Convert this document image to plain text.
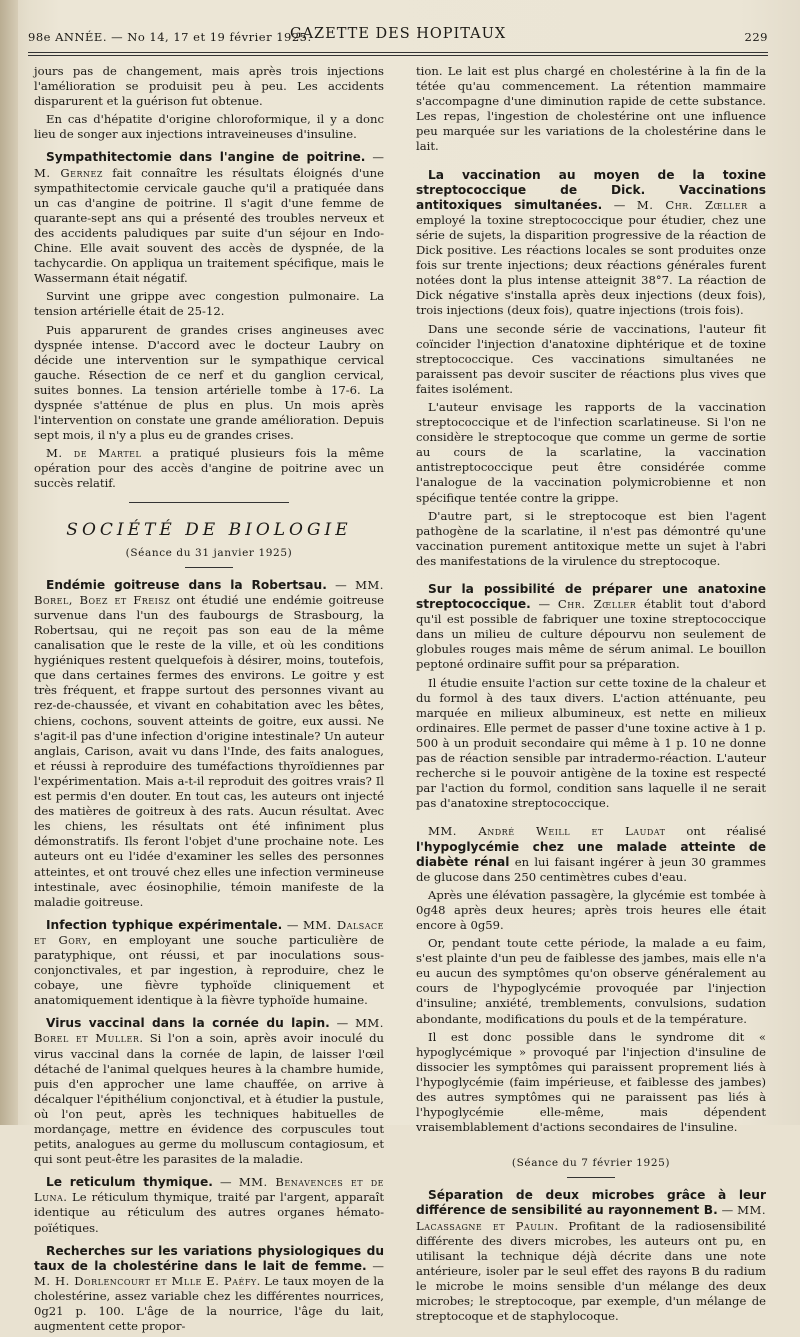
98e ANNÉE. — No 14, 17 et 19 février 1925.
GAZETTE DES HOPITAUX	229

jours pas de changement, mais après trois injections l'amélioration se produisit peu à peu. Les accidents disparurent et la guérison fut obtenue.

En cas d'hépatite d'origine chloroformique, il y a donc lieu de songer aux injections intraveineuses d'insuline.

Sympathitectomie dans l'angine de poitrine. — M. Gernez fait connaître les résultats éloignés d'une sympathitectomie cervicale gauche qu'il a pratiquée dans un cas d'angine de poitrine. Il s'agit d'une femme de quarante-sept ans qui a présenté des troubles nerveux et des accidents paludiques par suite d'un séjour en Indo-Chine. Elle avait souvent des accès de dyspnée, de la tachycardie. On appliqua un traitement spécifique, mais le Wassermann était négatif.

Survint une grippe avec congestion pulmonaire. La tension artérielle était de 25-12.

Puis apparurent de grandes crises angineuses avec dyspnée intense. D'accord avec le docteur Laubry on décide une intervention sur le sympathique cervical gauche. Résection de ce nerf et du ganglion cervical, suites bonnes. La tension artérielle tombe à 17-6. La dyspnée s'atténue de plus en plus. Un mois après l'intervention on constate une grande amélioration. Depuis sept mois, il n'y a plus eu de grandes crises.

M. de Martel a pratiqué plusieurs fois la même opération pour des accès d'angine de poitrine avec un succès relatif.

SOCIÉTÉ DE BIOLOGIE
(Séance du 31 janvier 1925)

Endémie goitreuse dans la Robertsau. — MM. Borel, Boez et Freisz ont étudié une endémie goitreuse survenue dans l'un des faubourgs de Strasbourg, la Robertsau, qui ne reçoit pas son eau de la même canalisation que le reste de la ville, et où les conditions hygiéniques restent quelquefois à désirer, moins, toutefois, que dans certaines fermes des environs. Le goitre y est très fréquent, et frappe surtout des personnes vivant au rez-de-chaussée, et vivant en cohabitation avec les bêtes, chiens, cochons, souvent atteints de goitre, eux aussi. Ne s'agit-il pas d'une infection d'origine intestinale? Un auteur anglais, Carison, avait vu dans l'Inde, des faits analogues, et réussi à reproduire des tuméfactions thyroïdiennes par l'expérimentation. Mais a-t-il reproduit des goitres vrais? Il est permis d'en douter. En tout cas, les auteurs ont injecté des matières de goitreux à des rats. Aucun résultat. Avec les chiens, les résultats ont été infiniment plus démonstratifs. Ils feront l'objet d'une prochaine note. Les auteurs ont eu l'idée d'examiner les selles des personnes atteintes, et ont trouvé chez elles une infection vermineuse intestinale, avec éosinophilie, témoin manifeste de la maladie goitreuse.

Infection typhique expérimentale. — MM. Dalsace et Gory, en employant une souche particulière de paratyphique, ont réussi, et par inoculations sous-conjonctivales, et par ingestion, à reproduire, chez le cobaye, une fièvre typhoïde cliniquement et anatomiquement identique à la fièvre typhoïde humaine.

Virus vaccinal dans la cornée du lapin. — MM. Borel et Muller. Si l'on a soin, après avoir inoculé du virus vaccinal dans la cornée de lapin, de laisser l'œil détaché de l'animal quelques heures à la chambre humide, puis d'en approcher une lame chauffée, on arrive à décalquer l'épithélium conjonctival, et à étudier la pustule, où l'on peut, après les techniques habituelles de mordançage, mettre en évidence des corpuscules tout petits, analogues au germe du molluscum contagiosum, et qui sont peut-être les parasites de la maladie.

Le reticulum thymique. — MM. Benavences et de Luna. Le réticulum thymique, traité par l'argent, apparaît identique au réticulum des autres organes hémato-poïétiques.

Recherches sur les variations physiologiques du taux de la cholestérine dans le lait de femme. — M. H. Dorlencourt et Mlle E. Paéfy. Le taux moyen de la cholestérine, assez variable chez les différentes nourrices, 0g21 p. 100. L'âge de la nourrice, l'âge du lait, augmentent cette propor-

tion. Le lait est plus chargé en cholestérine à la fin de la tétée qu'au commencement. La rétention mammaire s'accompagne d'une diminution rapide de cette substance. Les repas, l'ingestion de cholestérine ont une influence peu marquée sur les variations de la cholestérine dans le lait.

La vaccination au moyen de la toxine streptococcique de Dick. Vaccinations antitoxiques simultanées. — M. Chr. Zœller a employé la toxine streptococcique pour étudier, chez une série de sujets, la disparition progressive de la réaction de Dick positive. Les réactions locales se sont produites onze fois sur trente injections; deux réactions générales furent notées dont la plus intense atteignit 38°7. La réaction de Dick négative s'installa après deux injections (deux fois), trois injections (deux fois), quatre injections (trois fois).

Dans une seconde série de vaccinations, l'auteur fit coïncider l'injection d'anatoxine diphtérique et de toxine streptococcique. Ces vaccinations simultanées ne paraissent pas devoir susciter de réactions plus vives que faites isolément.

L'auteur envisage les rapports de la vaccination streptococcique et de l'infection scarlatineuse. Si l'on ne considère le streptocoque que comme un germe de sortie au cours de la scarlatine, la vaccination antistreptococcique peut être considérée comme l'analogue de la vaccination polymicrobienne et non spécifique tentée contre la grippe.

D'autre part, si le streptocoque est bien l'agent pathogène de la scarlatine, il n'est pas démontré qu'une vaccination purement antitoxique mette un sujet à l'abri des manifestations de la virulence du streptocoque.

Sur la possibilité de préparer une anatoxine streptococcique. — Chr. Zœller établit tout d'abord qu'il est possible de fabriquer une toxine streptococcique dans un milieu de culture dépourvu non seulement de globules rouges mais même de sérum animal. Le bouillon peptoné ordinaire suffit pour sa préparation.

Il étudie ensuite l'action sur cette toxine de la chaleur et du formol à des taux divers. L'action atténuante, peu marquée en milieux albumineux, est nette en milieux ordinaires. Elle permet de passer d'une toxine active à 1 p. 500 à un produit secondaire qui même à 1 p. 10 ne donne pas de réaction sensible par intradermo-réaction. L'auteur recherche si le pouvoir antigène de la toxine est respecté par l'action du formol, condition sans laquelle il ne serait pas d'anatoxine streptococcique.

MM. André Weill et Laudat ont réalisé l'hypoglycémie chez une malade atteinte de diabète rénal en lui faisant ingérer à jeun 30 grammes de glucose dans 250 centimètres cubes d'eau.

Après une élévation passagère, la glycémie est tombée à 0g48 après deux heures; après trois heures elle était encore à 0g59.

Or, pendant toute cette période, la malade a eu faim, s'est plainte d'un peu de faiblesse des jambes, mais elle n'a eu aucun des symptômes qu'on observe généralement au cours de l'hypoglycémie provoquée par l'injection d'insuline; anxiété, tremblements, convulsions, sudation abondante, modifications du pouls et de la température.

Il est donc possible dans le syndrome dit « hypoglycémique » provoqué par l'injection d'insuline de dissocier les symptômes qui paraissent proprement liés à l'hypoglycémie (faim impérieuse, et faiblesse des jambes) des autres symptômes qui ne paraissent pas liés à l'hypoglycémie elle-même, mais dépendent vraisemblablement d'actions secondaires de l'insuline.

(Séance du 7 février 1925)

Séparation de deux microbes grâce à leur différence de sensibilité au rayonnement B. — MM. Lacassagne et Paulin. Profitant de la radiosensibilité différente des divers microbes, les auteurs ont pu, en utilisant la technique déjà décrite dans une note antérieure, isoler par le seul effet des rayons B du radium le microbe le moins sensible d'un mélange des deux microbes; le streptocoque, par exemple, d'un mélange de streptocoque et de staphylocoque.
